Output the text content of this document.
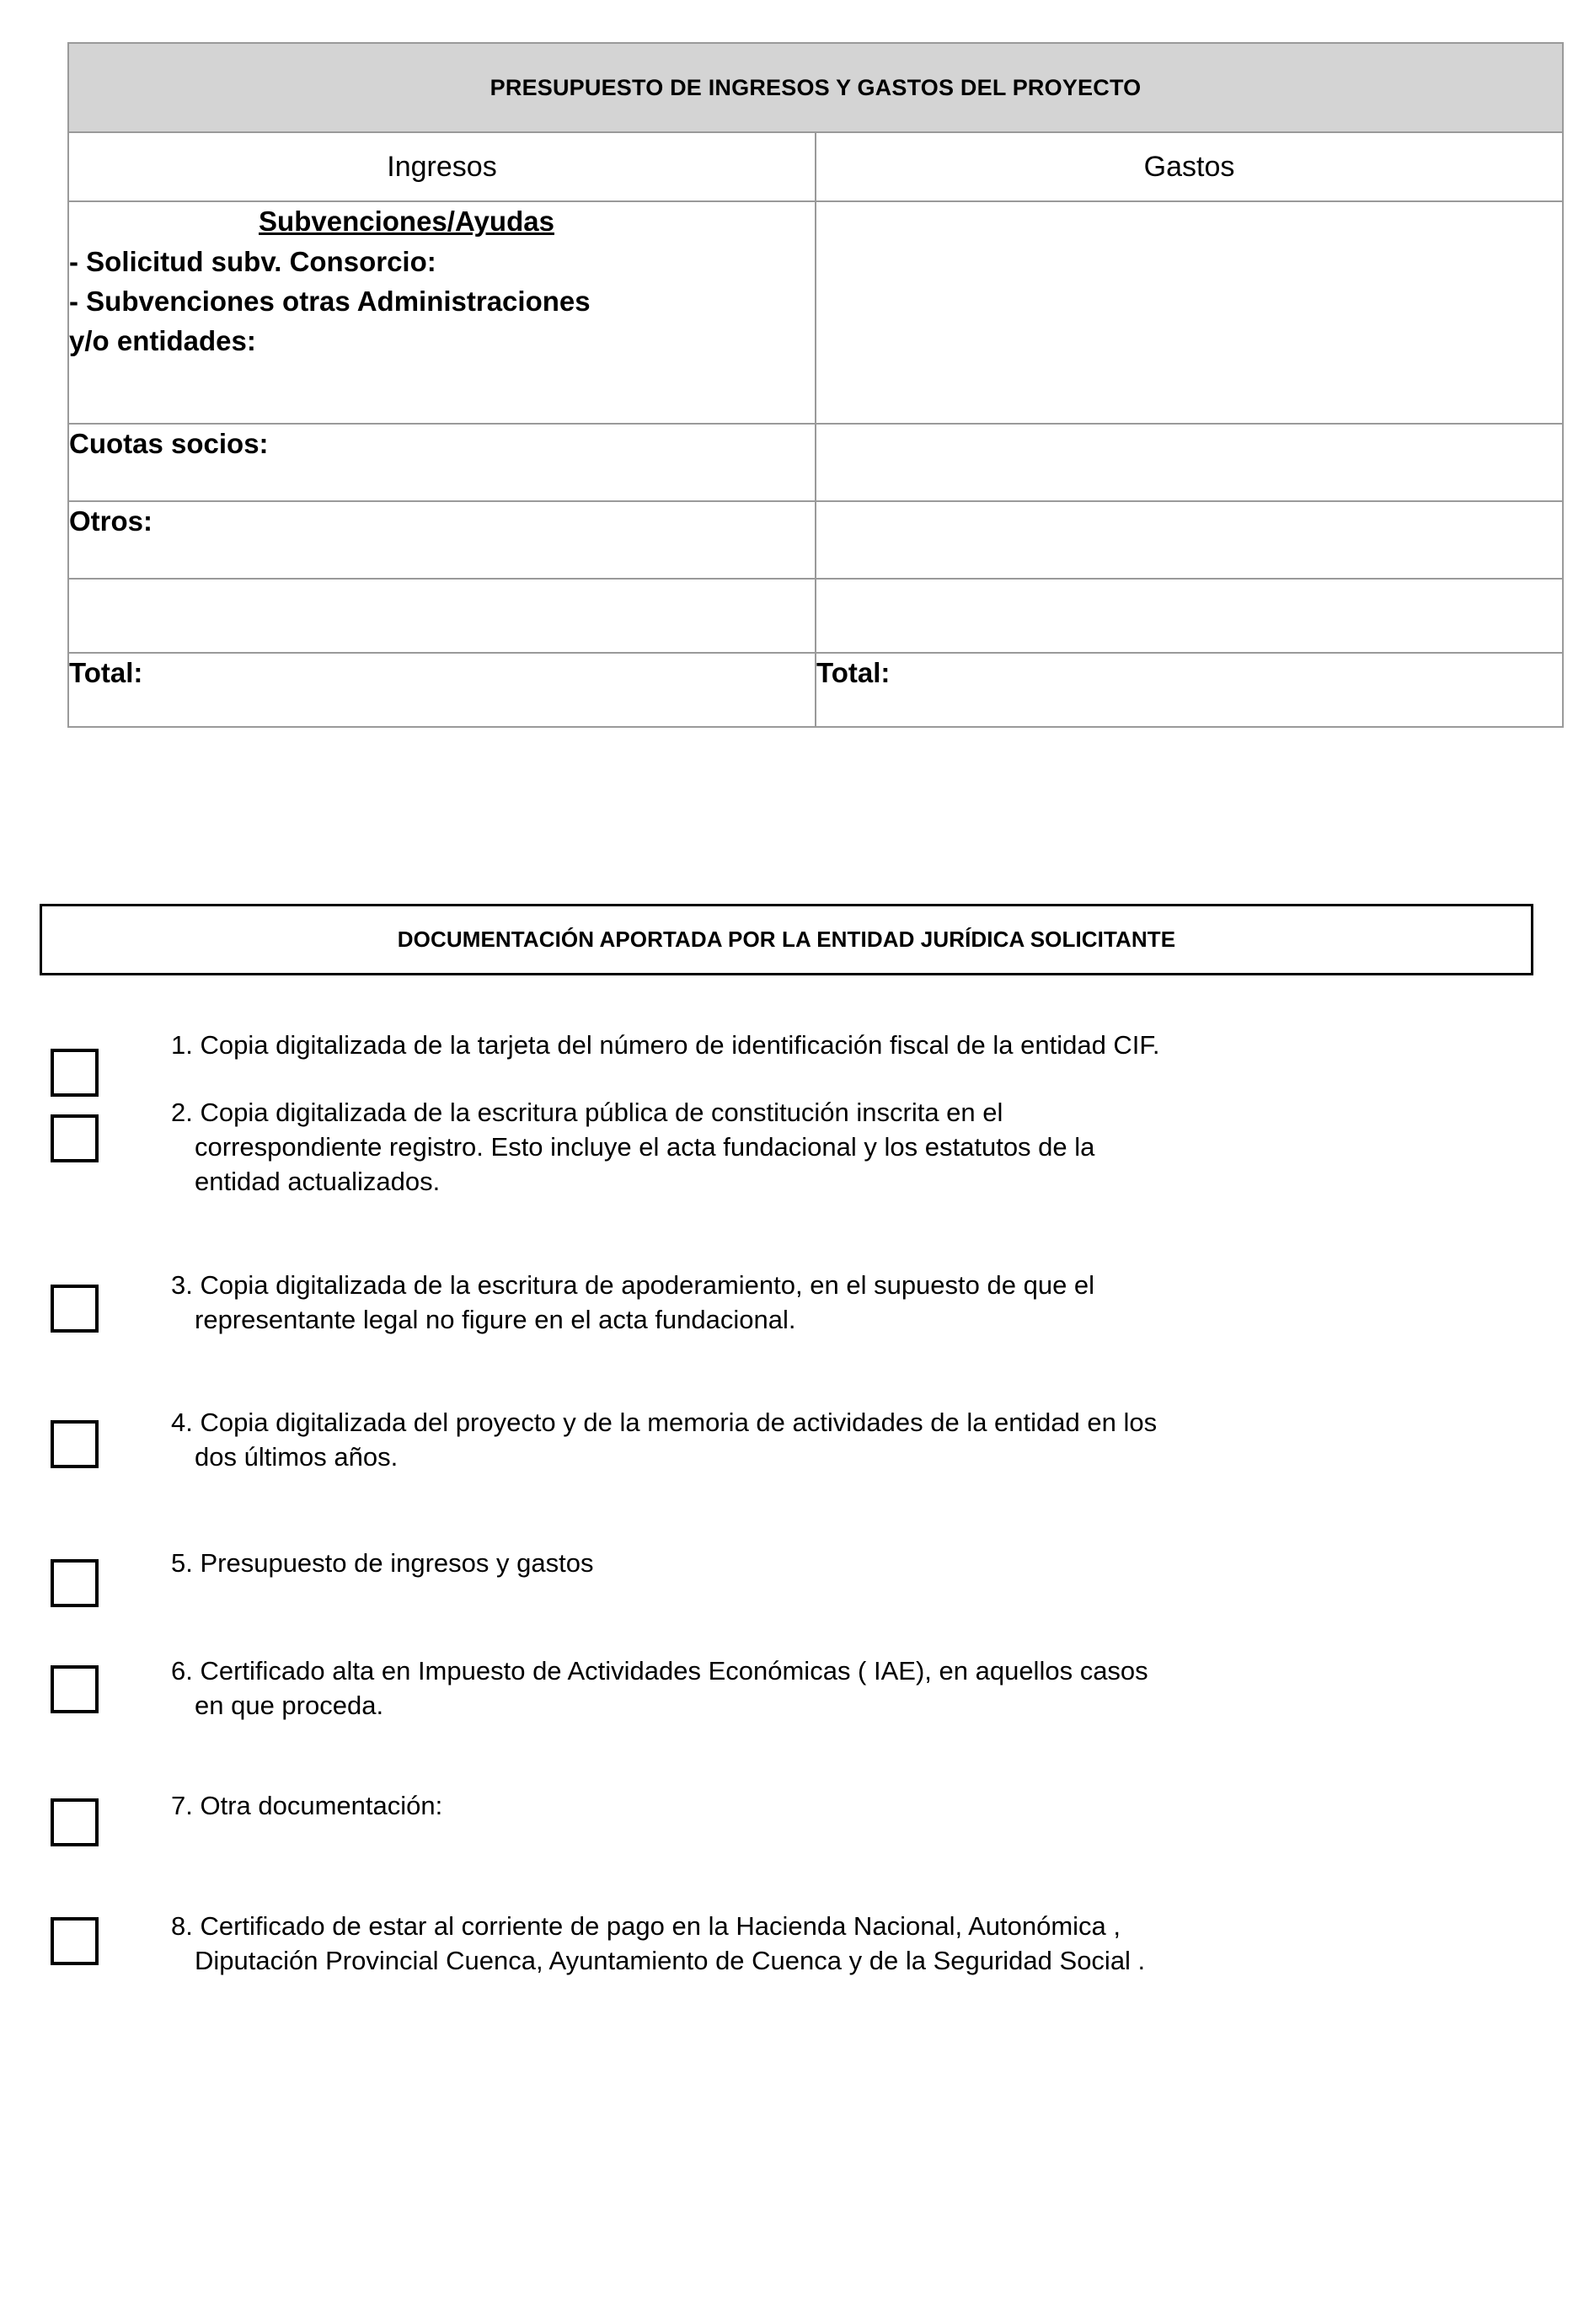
PRESUPUESTO DE INGRESOS Y GASTOS DEL PROYECTO	

Ingresos	Gastos

Subvenciones/Ayudas
- Solicitud subv. Consorcio:
- Subvenciones otras Administraciones
y/o entidades:	

Cuotas socios:	
Otros:	

Total:	Total:
DOCUMENTACIÓN APORTADA POR LA ENTIDAD JURÍDICA SOLICITANTE
1. Copia digitalizada de la tarjeta del número de identificación fiscal de la entidad CIF.
2. Copia digitalizada de la escritura pública de constitución inscrita en el
correspondiente registro. Esto incluye el acta fundacional y los estatutos de la
entidad actualizados.
3. Copia digitalizada de la escritura de apoderamiento, en el supuesto de que el
representante legal no figure en el acta fundacional.
4. Copia digitalizada del proyecto y de la memoria de actividades de la entidad en los
dos últimos años.
5. Presupuesto de ingresos y gastos
6. Certificado alta en Impuesto de Actividades Económicas ( IAE), en aquellos casos
en que proceda.
7. Otra documentación:
8. Certificado de estar al corriente de pago en la Hacienda Nacional, Autonómica ,
Diputación Provincial Cuenca, Ayuntamiento de Cuenca y de la Seguridad Social .
